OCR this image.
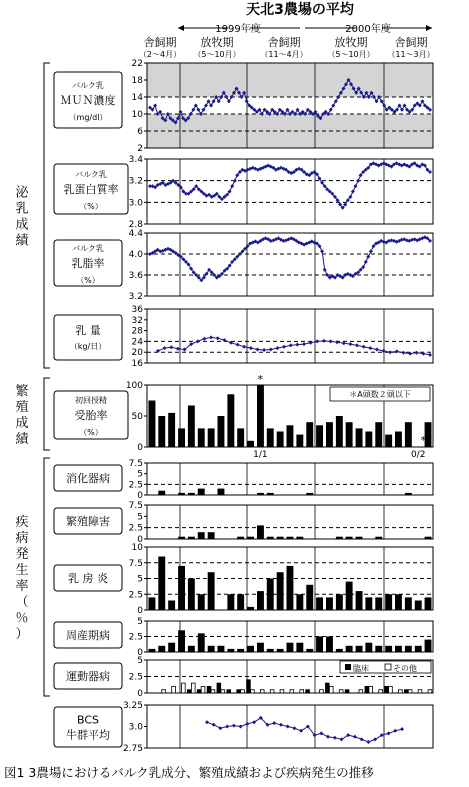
天北3農場の平均
1999年度	2000年度
舎飼期
（2～4月）
放牧期
（5～10月）
舎飼期
（11～4月）
放牧期
（5～10月）
舎飼期
（11～3月）
2
6
10
14
18
22
バルク乳
ＭＵＮ濃度
（mg/dl）
2.8
3.0
3.2
3.4
バルク乳
乳蛋白質率
（%）
3.2
3.6
4.0
4.4
バルク乳
乳脂率
（%）
16
20
24
28
32
36
乳 量
（kg/日）
0
50
100
初回授精
受胎率
（%）
*
1/1
*
0/2
＊A頭数２頭以下
0
2.5
5
7.5
消化器病
0
2.5
5
7.5
繁殖障害
0
2.5
5
7.5
10
乳 房 炎
0
2.5
5
周産期病
0
2.5
5
運動器病
臨床	その他
2.75
3.0
3.25
BCS
牛群平均
泌
乳
成
績
繁
殖
成
績
疾
病
発
生
率
（
％
）
図1 3農場におけるバルク乳成分、繁殖成績および疾病発生の推移
